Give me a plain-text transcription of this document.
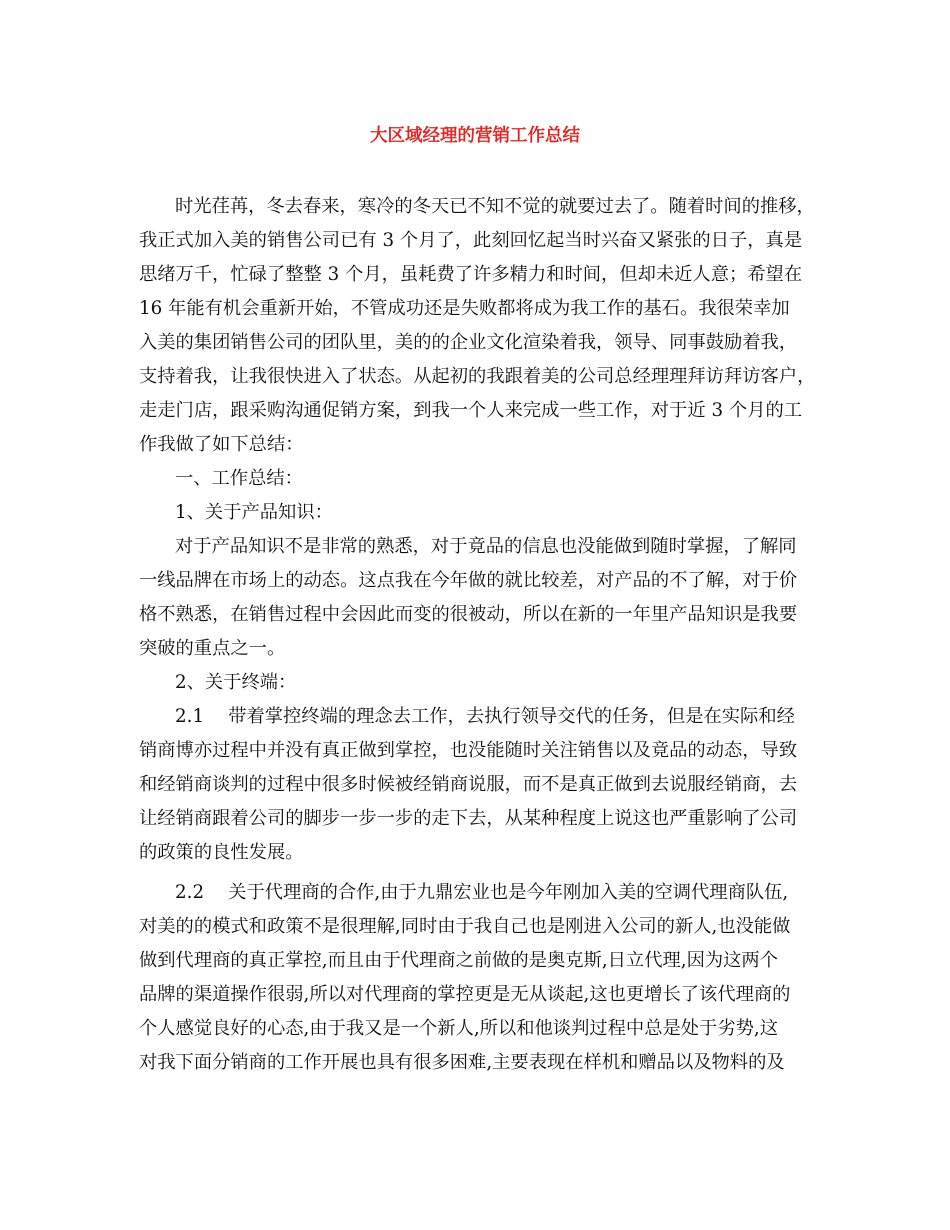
大区域经理的营销工作总结
时光荏苒，冬去春来，寒冷的冬天已不知不觉的就要过去了。随着时间的推移，
我正式加入美的销售公司已有 3 个月了，此刻回忆起当时兴奋又紧张的日子，真是
思绪万千，忙碌了整整 3 个月，虽耗费了许多精力和时间，但却未近人意；希望在
16 年能有机会重新开始，不管成功还是失败都将成为我工作的基石。我很荣幸加
入美的集团销售公司的团队里，美的的企业文化渲染着我，领导、同事鼓励着我，
支持着我，让我很快进入了状态。从起初的我跟着美的公司总经理理拜访拜访客户，
走走门店，跟采购沟通促销方案，到我一个人来完成一些工作，对于近 3 个月的工
作我做了如下总结：
一、工作总结：
1、关于产品知识：
对于产品知识不是非常的熟悉，对于竟品的信息也没能做到随时掌握，了解同
一线品牌在市场上的动态。这点我在今年做的就比较差，对产品的不了解，对于价
格不熟悉，在销售过程中会因此而变的很被动，所以在新的一年里产品知识是我要
突破的重点之一。
2、关于终端：
2.1　 带着掌控终端的理念去工作，去执行领导交代的任务，但是在实际和经
销商博亦过程中并没有真正做到掌控，也没能随时关注销售以及竟品的动态，导致
和经销商谈判的过程中很多时候被经销商说服，而不是真正做到去说服经销商，去
让经销商跟着公司的脚步一步一步的走下去，从某种程度上说这也严重影响了公司
的政策的良性发展。
2.2　 关于代理商的合作,由于九鼎宏业也是今年刚加入美的空调代理商队伍,
对美的的模式和政策不是很理解,同时由于我自己也是刚进入公司的新人,也没能做
做到代理商的真正掌控,而且由于代理商之前做的是奥克斯,日立代理,因为这两个
品牌的渠道操作很弱,所以对代理商的掌控更是无从谈起,这也更增长了该代理商的
个人感觉良好的心态,由于我又是一个新人,所以和他谈判过程中总是处于劣势,这
对我下面分销商的工作开展也具有很多困难,主要表现在样机和赠品以及物料的及
